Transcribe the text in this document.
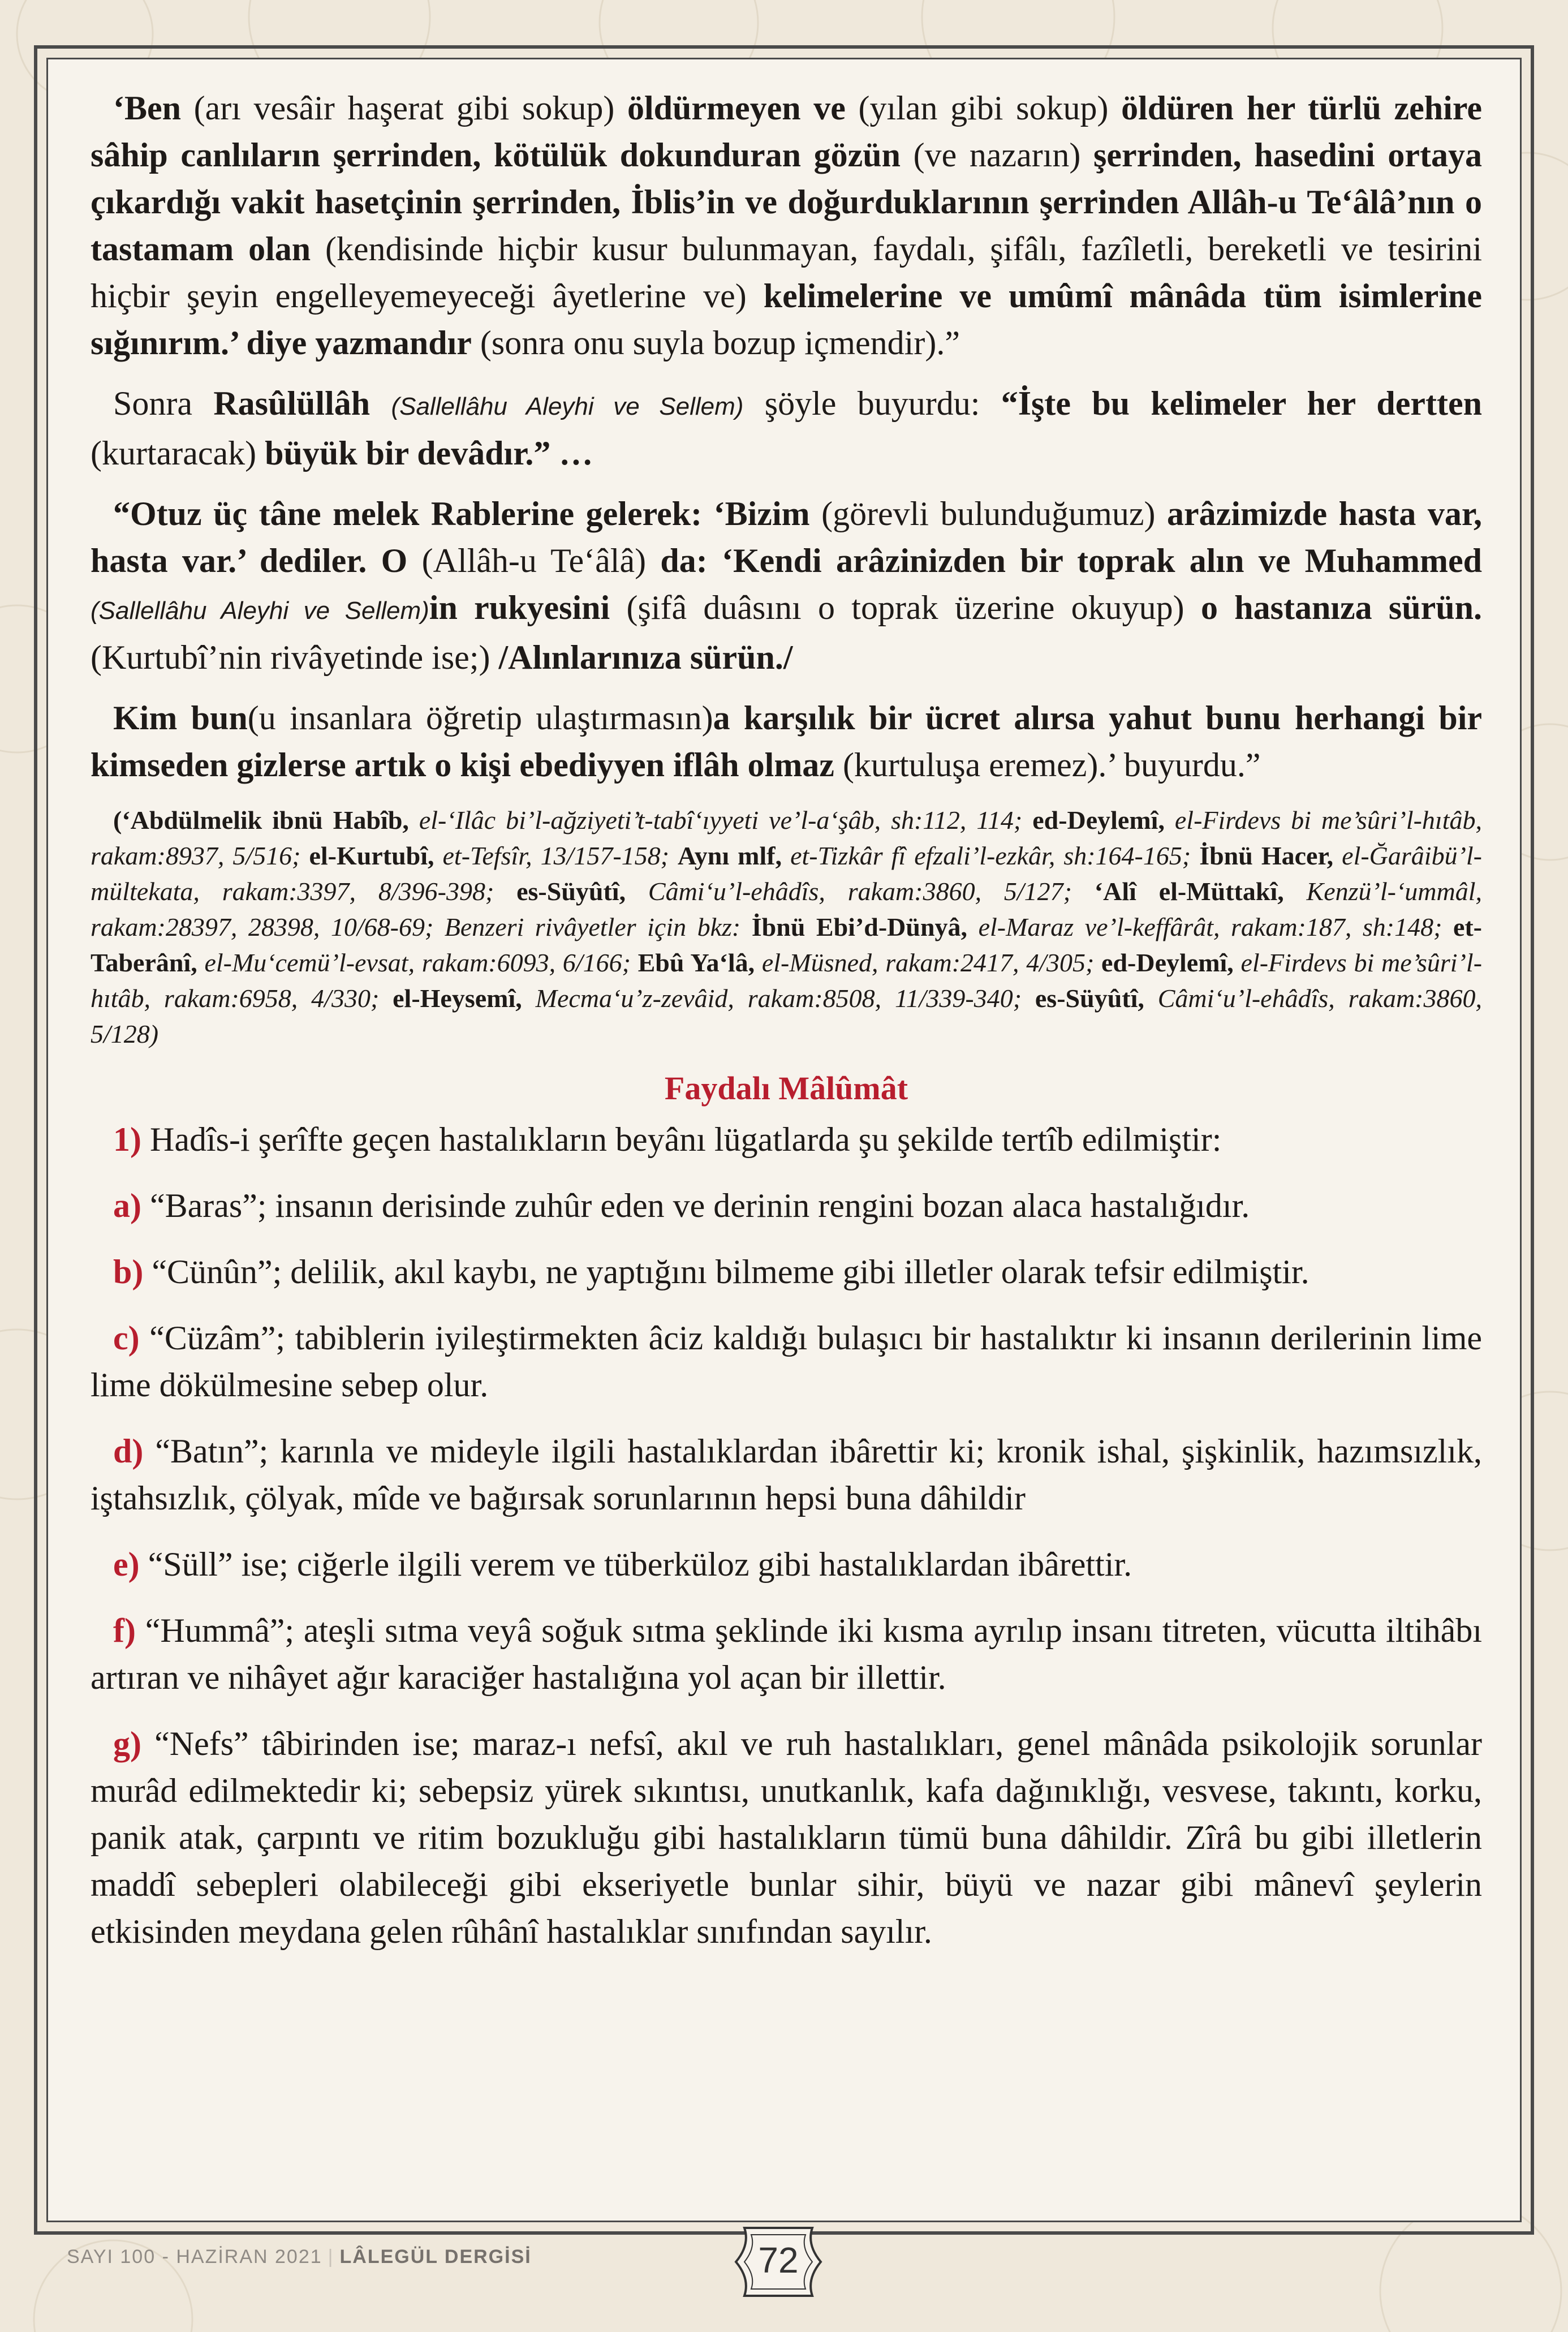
‘Ben (arı vesâir haşerat gibi sokup) öldürmeyen ve (yılan gibi sokup) öldüren her türlü zehire sâhip canlıların şerrinden, kötülük dokunduran gözün (ve nazarın) şerrinden, hasedini ortaya çıkardığı vakit hasetçinin şerrinden, İblis’in ve doğurduklarının şerrinden Allâh-u Te‘âlâ’nın o tastamam olan (kendisinde hiçbir kusur bulunmayan, faydalı, şifâlı, fazîletli, bereketli ve tesirini hiçbir şeyin engelleyemeyeceği âyetlerine ve) kelimelerine ve umûmî mânâda tüm isimlerine sığınırım.’ diye yazmandır (sonra onu suyla bozup içmendir).”

Sonra Rasûlüllâh (Sallellâhu Aleyhi ve Sellem) şöyle buyurdu: “İşte bu kelimeler her dertten (kurtaracak) büyük bir devâdır.” …

“Otuz üç tâne melek Rablerine gelerek: ‘Bizim (görevli bulunduğumuz) arâzimizde hasta var, hasta var.’ dediler. O (Allâh-u Te‘âlâ) da: ‘Kendi arâzinizden bir toprak alın ve Muhammed (Sallellâhu Aleyhi ve Sellem)in rukyesini (şifâ duâsını o toprak üzerine okuyup) o hastanıza sürün. (Kurtubî’nin rivâyetinde ise;) /Alınlarınıza sürün./

Kim bun(u insanlara öğretip ulaştırmasın)a karşılık bir ücret alırsa yahut bunu herhangi bir kimseden gizlerse artık o kişi ebediyyen iflâh olmaz (kurtuluşa eremez).’ buyurdu.”

(‘Abdülmelik ibnü Habîb, el-‘Ilâc bi’l-ağziyeti’t-tabî‘ıyyeti ve’l-a‘şâb, sh:112, 114; ed-Deylemî, el-Firdevs bi me’sûri’l-hıtâb, rakam:8937, 5/516; el-Kurtubî, et-Tefsîr, 13/157-158; Aynı mlf, et-Tizkâr fî efzali’l-ezkâr, sh:164-165; İbnü Hacer, el-Ğarâibü’l-mültekata, rakam:3397, 8/396-398; es-Süyûtî, Câmi‘u’l-ehâdîs, rakam:3860, 5/127; ‘Alî el-Müttakî, Kenzü’l-‘ummâl, rakam:28397, 28398, 10/68-69; Benzeri rivâyetler için bkz: İbnü Ebi’d-Dünyâ, el-Maraz ve’l-keffârât, rakam:187, sh:148; et-Taberânî, el-Mu‘cemü’l-evsat, rakam:6093, 6/166; Ebû Ya‘lâ, el-Müsned, rakam:2417, 4/305; ed-Deylemî, el-Firdevs bi me’sûri’l-hıtâb, rakam:6958, 4/330; el-Heysemî, Mecma‘u’z-zevâid, rakam:8508, 11/339-340; es-Süyûtî, Câmi‘u’l-ehâdîs, rakam:3860, 5/128)

Faydalı Mâlûmât

1) Hadîs-i şerîfte geçen hastalıkların beyânı lügatlarda şu şekilde tertîb edilmiştir:

a) “Baras”; insanın derisinde zuhûr eden ve derinin rengini bozan alaca hastalığıdır.

b) “Cünûn”; delilik, akıl kaybı, ne yaptığını bilmeme gibi illetler olarak tefsir edilmiştir.

c) “Cüzâm”; tabiblerin iyileştirmekten âciz kaldığı bulaşıcı bir hastalıktır ki insanın derilerinin lime lime dökülmesine sebep olur.

d) “Batın”; karınla ve mideyle ilgili hastalıklardan ibârettir ki; kronik ishal, şişkinlik, hazımsızlık, iştahsızlık, çölyak, mîde ve bağırsak sorunlarının hepsi buna dâhildir

e) “Süll” ise; ciğerle ilgili verem ve tüberküloz gibi hastalıklardan ibârettir.

f) “Hummâ”; ateşli sıtma veyâ soğuk sıtma şeklinde iki kısma ayrılıp insanı titreten, vücutta iltihâbı artıran ve nihâyet ağır karaciğer hastalığına yol açan bir illettir.

g) “Nefs” tâbirinden ise; maraz-ı nefsî, akıl ve ruh hastalıkları, genel mânâda psikolojik sorunlar murâd edilmektedir ki; sebepsiz yürek sıkıntısı, unutkanlık, kafa dağınıklığı, vesvese, takıntı, korku, panik atak, çarpıntı ve ritim bozukluğu gibi hastalıkların tümü buna dâhildir. Zîrâ bu gibi illetlerin maddî sebepleri olabileceği gibi ekseriyetle bunlar sihir, büyü ve nazar gibi mânevî şeylerin etkisinden meydana gelen rûhânî hastalıklar sınıfından sayılır.

SAYI 100 - HAZİRAN 2021 | LÂLEGÜL DERGİSİ	72
